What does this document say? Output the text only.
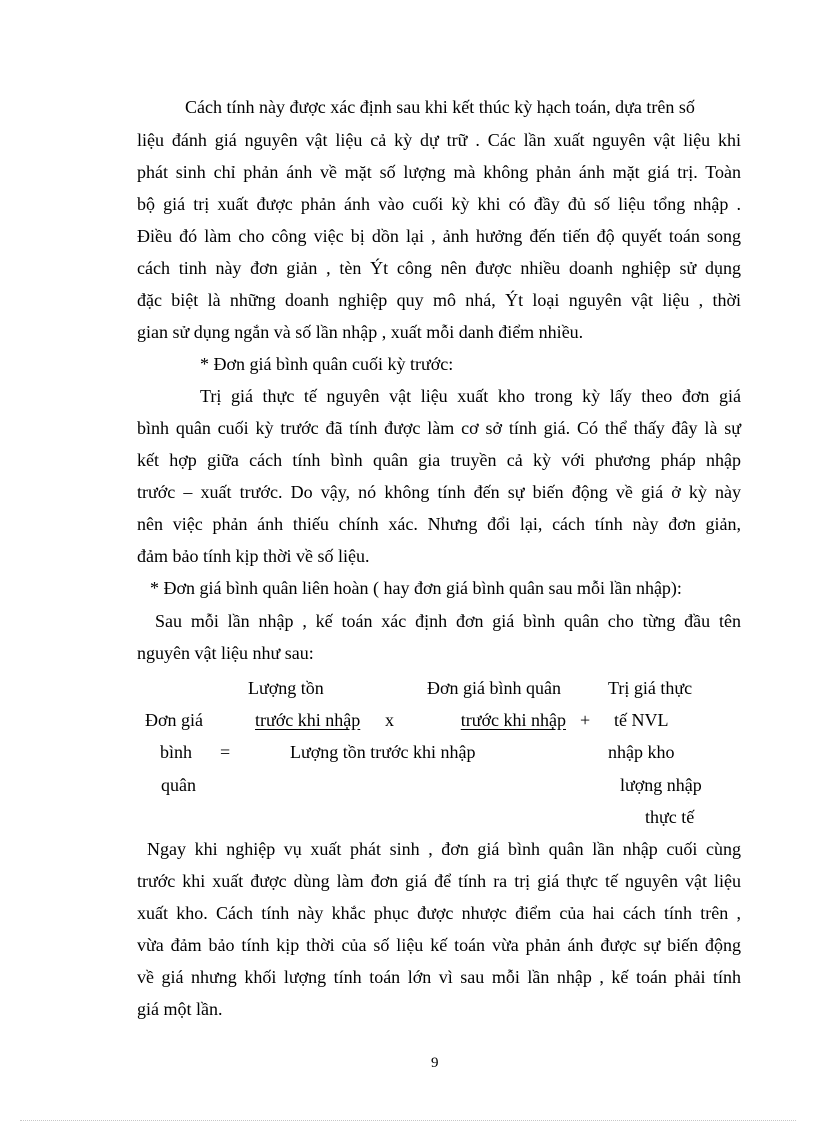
Cách tính này được xác định sau khi kết thúc kỳ hạch toán, dựa trên số
liệu đánh giá nguyên vật liệu cả kỳ dự trữ . Các lần xuất nguyên vật liệu khi
phát sinh chỉ phản ánh về mặt số lượng mà không phản ánh mặt giá trị. Toàn
bộ giá trị xuất được phản ánh vào cuối kỳ khi có đầy đủ số liệu tổng nhập .
Điều đó làm cho công việc bị dồn lại , ảnh hưởng đến tiến độ quyết toán song
cách tinh này đơn giản , tèn Ýt công nên được nhiều doanh nghiệp sử dụng
đặc biệt là những doanh nghiệp quy mô nhá, Ýt loại nguyên vật liệu , thời
gian sử dụng ngắn và số lần nhập , xuất mỗi danh điểm nhiều.
* Đơn giá bình quân cuối kỳ trước:
Trị giá thực tế nguyên vật liệu xuất kho trong kỳ lấy theo đơn giá
bình quân cuối kỳ trước đã tính được làm cơ sở tính giá. Có thể thấy đây là sự
kết hợp giữa cách tính bình quân gia truyền cả kỳ với phương pháp nhập
trước – xuất trước. Do vậy, nó không tính đến sự biến động về giá ở kỳ này
nên việc phản ánh thiếu chính xác. Nhưng đổi lại, cách tính này đơn giản,
đảm bảo tính kịp thời về số liệu.
* Đơn giá bình quân liên hoàn ( hay đơn giá bình quân sau mỗi lần nhập):
Sau mỗi lần nhập , kế toán xác định đơn giá bình quân cho từng đầu tên
nguyên vật liệu như sau:
Lượng tồn	Đơn giá bình quân	Trị giá thực
Đơn giá	trước khi nhập x	trước khi nhập + tế NVL
bình =	Lượng tồn trước khi nhập	nhập kho
quân	lượng nhập
thực tế
Ngay khi nghiệp vụ xuất phát sinh , đơn giá bình quân lần nhập cuối cùng
trước khi xuất được dùng làm đơn giá để tính ra trị giá thực tế nguyên vật liệu
xuất kho. Cách tính này khắc phục được nhược điểm của hai cách tính trên ,
vừa đảm bảo tính kịp thời của số liệu kế toán vừa phản ánh được sự biến động
về giá nhưng khối lượng tính toán lớn vì sau mỗi lần nhập , kế toán phải tính
giá một lần.
9
